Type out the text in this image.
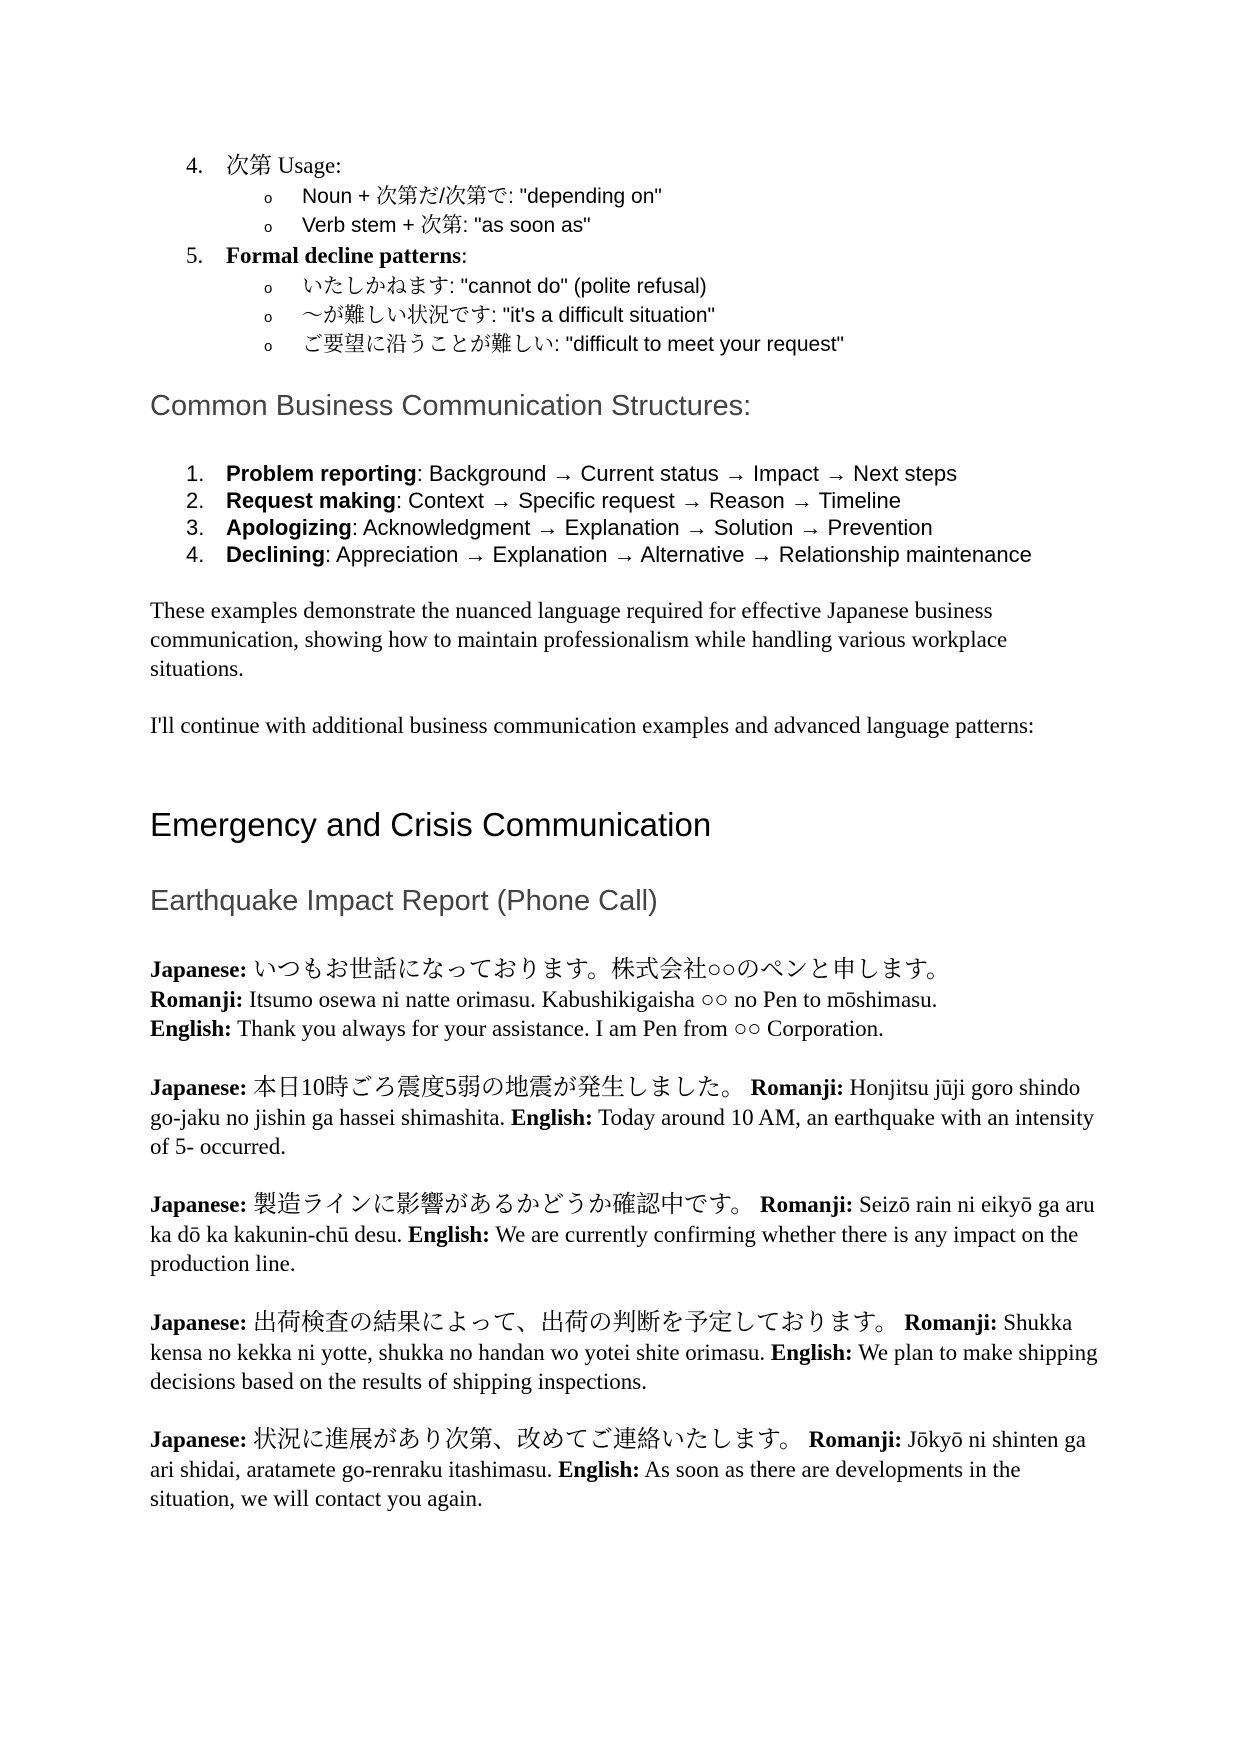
4. 次第 Usage:
o Noun + 次第だ/次第で: "depending on"
o Verb stem + 次第: "as soon as"
5. Formal decline patterns:
o いたしかねます: "cannot do" (polite refusal)
o 〜が難しい状況です: "it's a difficult situation"
o ご要望に沿うことが難しい: "difficult to meet your request"
Common Business Communication Structures:
1. Problem reporting: Background → Current status → Impact → Next steps
2. Request making: Context → Specific request → Reason → Timeline
3. Apologizing: Acknowledgment → Explanation → Solution → Prevention
4. Declining: Appreciation → Explanation → Alternative → Relationship maintenance

These examples demonstrate the nuanced language required for effective Japanese business communication, showing how to maintain professionalism while handling various workplace situations.

I'll continue with additional business communication examples and advanced language patterns:

Emergency and Crisis Communication
Earthquake Impact Report (Phone Call)
Japanese: いつもお世話になっております。株式会社○○のペンと申します。
Romanji: Itsumo osewa ni natte orimasu. Kabushikigaisha ○○ no Pen to mōshimasu.
English: Thank you always for your assistance. I am Pen from ○○ Corporation.

Japanese: 本日10時ごろ震度5弱の地震が発生しました。 Romanji: Honjitsu jūji goro shindo go-jaku no jishin ga hassei shimashita. English: Today around 10 AM, an earthquake with an intensity of 5- occurred.

Japanese: 製造ラインに影響があるかどうか確認中です。 Romanji: Seizō rain ni eikyō ga aru ka dō ka kakunin-chū desu. English: We are currently confirming whether there is any impact on the production line.

Japanese: 出荷検査の結果によって、出荷の判断を予定しております。 Romanji: Shukka kensa no kekka ni yotte, shukka no handan wo yotei shite orimasu. English: We plan to make shipping decisions based on the results of shipping inspections.

Japanese: 状況に進展があり次第、改めてご連絡いたします。 Romanji: Jōkyō ni shinten ga ari shidai, aratamete go-renraku itashimasu. English: As soon as there are developments in the situation, we will contact you again.
